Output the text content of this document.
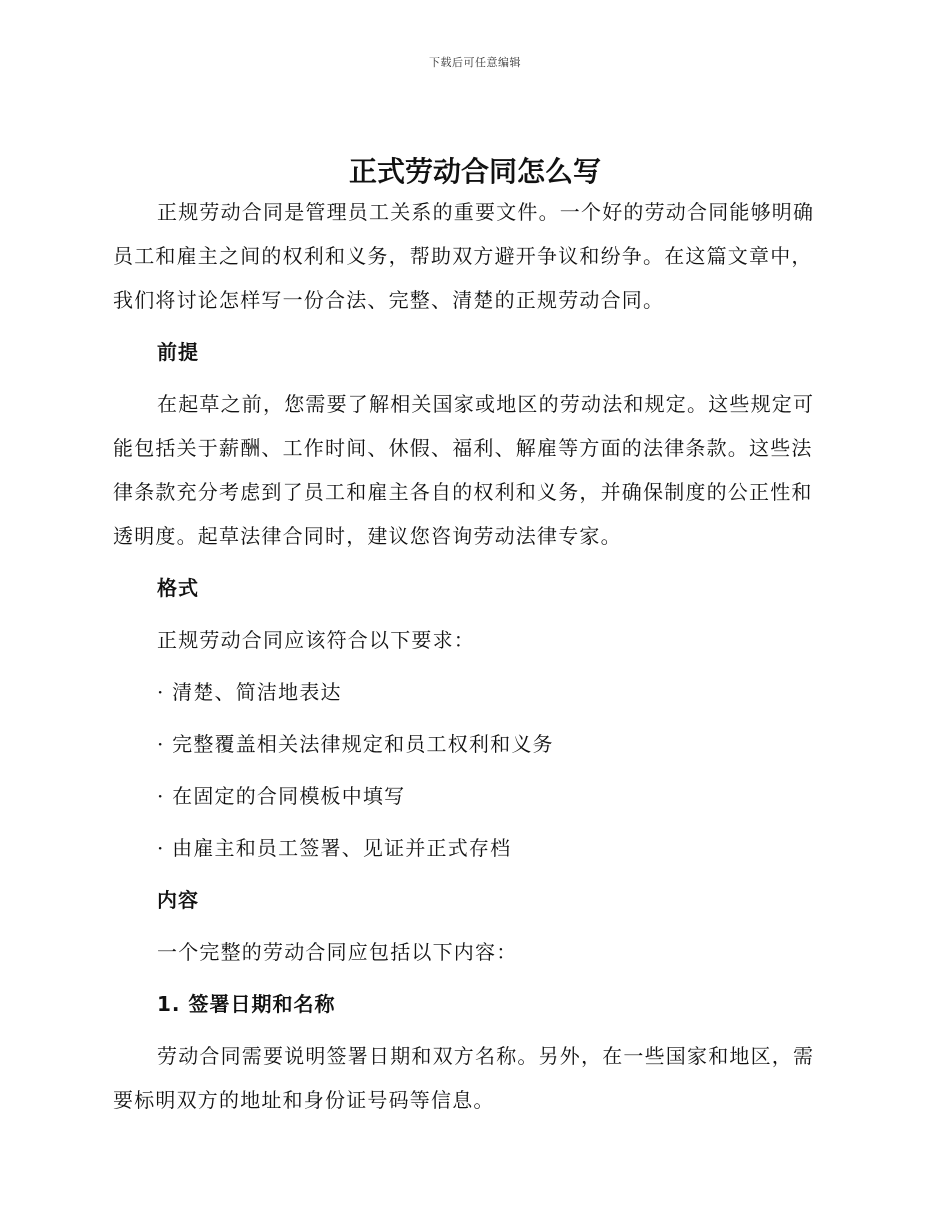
下载后可任意编辑
正式劳动合同怎么写

正规劳动合同是管理员工关系的重要文件。一个好的劳动合同能够明确员工和雇主之间的权利和义务，帮助双方避开争议和纷争。在这篇文章中，我们将讨论怎样写一份合法、完整、清楚的正规劳动合同。

前提

在起草之前，您需要了解相关国家或地区的劳动法和规定。这些规定可能包括关于薪酬、工作时间、休假、福利、解雇等方面的法律条款。这些法律条款充分考虑到了员工和雇主各自的权利和义务，并确保制度的公正性和透明度。起草法律合同时，建议您咨询劳动法律专家。

格式

正规劳动合同应该符合以下要求：

· 清楚、简洁地表达

· 完整覆盖相关法律规定和员工权利和义务

· 在固定的合同模板中填写

· 由雇主和员工签署、见证并正式存档

内容

一个完整的劳动合同应包括以下内容：

1. 签署日期和名称

劳动合同需要说明签署日期和双方名称。另外，在一些国家和地区，需要标明双方的地址和身份证号码等信息。
